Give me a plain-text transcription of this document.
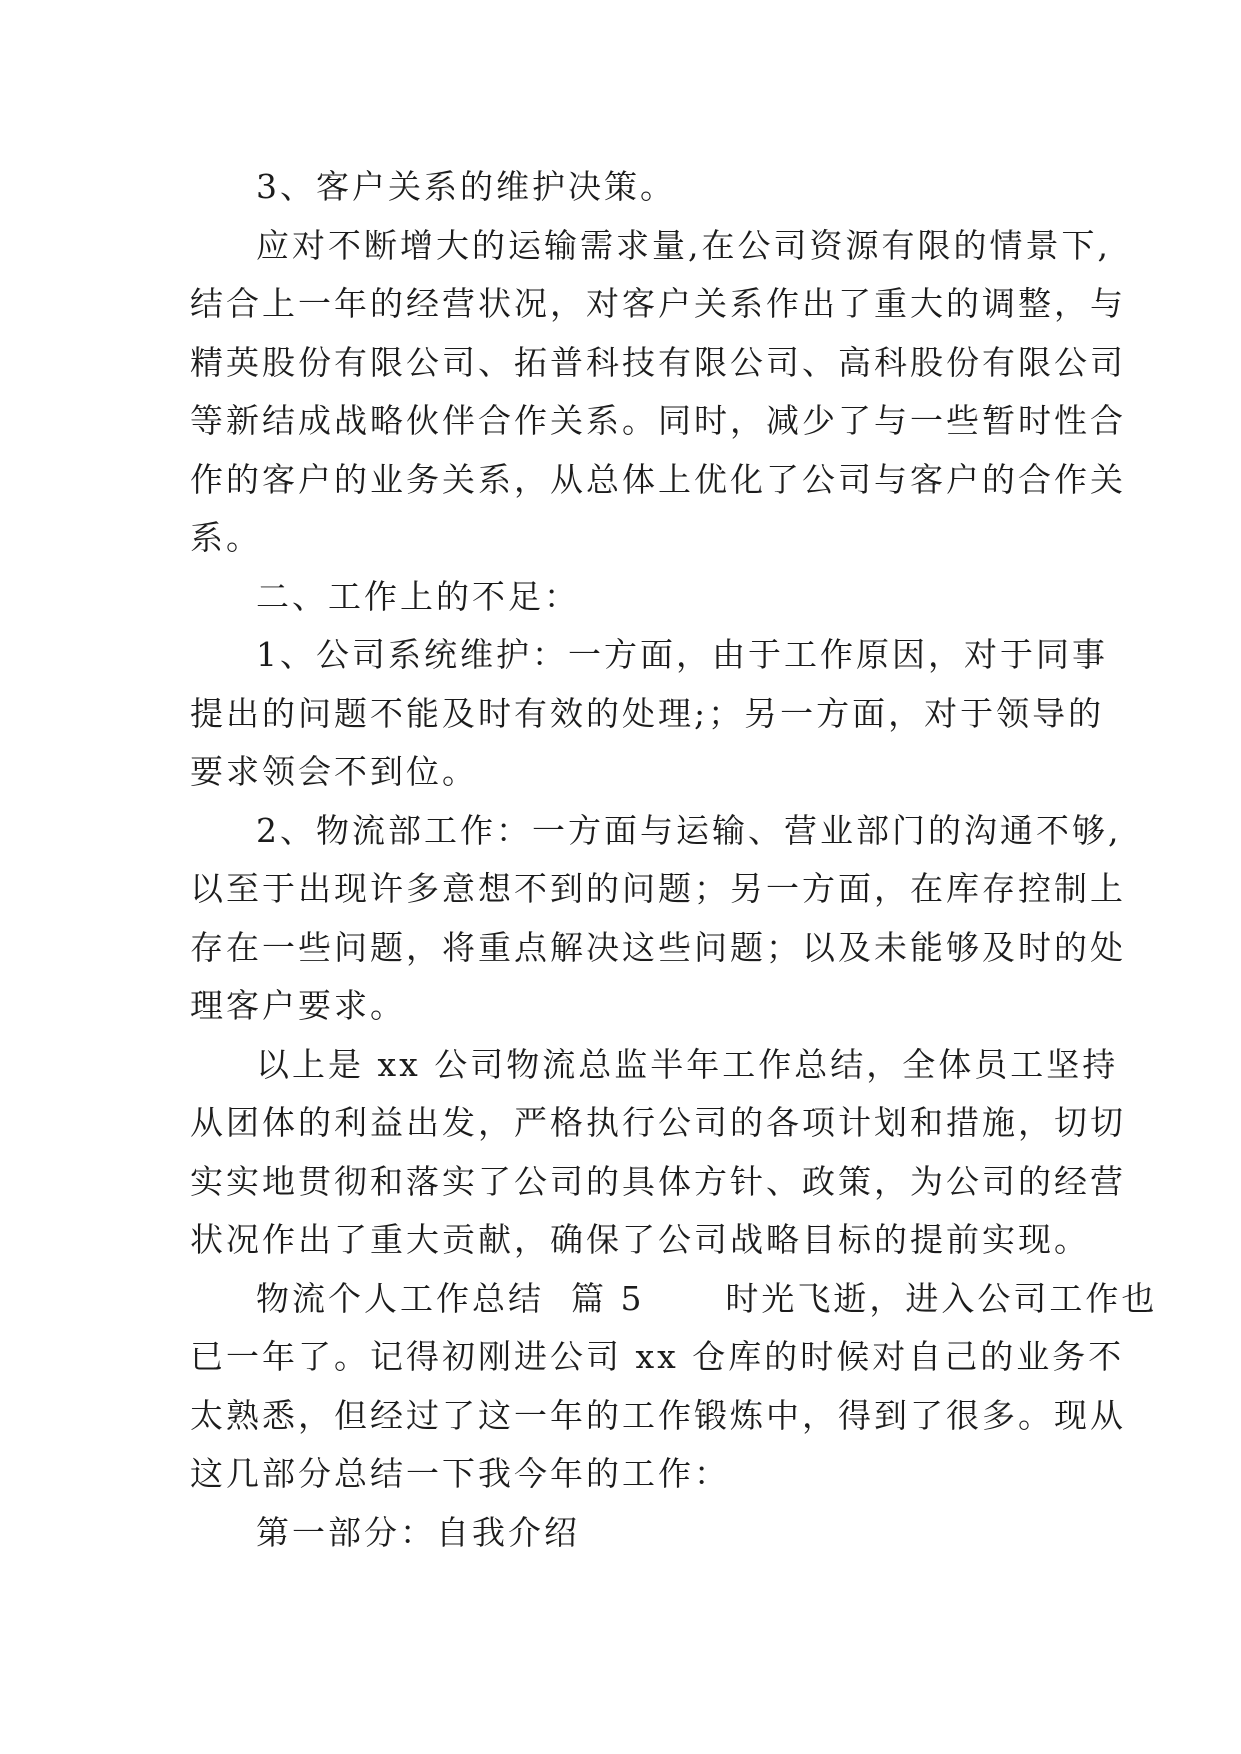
3、客户关系的维护决策。
应对不断增大的运输需求量,在公司资源有限的情景下,
结合上一年的经营状况，对客户关系作出了重大的调整，与
精英股份有限公司、拓普科技有限公司、高科股份有限公司
等新结成战略伙伴合作关系。同时，减少了与一些暂时性合
作的客户的业务关系，从总体上优化了公司与客户的合作关
系。
二、工作上的不足：
1、公司系统维护：一方面，由于工作原因，对于同事
提出的问题不能及时有效的处理;；另一方面，对于领导的
要求领会不到位。
2、物流部工作：一方面与运输、营业部门的沟通不够,
以至于出现许多意想不到的问题；另一方面，在库存控制上
存在一些问题，将重点解决这些问题；以及未能够及时的处
理客户要求。
以上是 xx 公司物流总监半年工作总结，全体员工坚持
从团体的利益出发，严格执行公司的各项计划和措施，切切
实实地贯彻和落实了公司的具体方针、政策，为公司的经营
状况作出了重大贡献，确保了公司战略目标的提前实现。
物流个人工作总结  篇 5      时光飞逝，进入公司工作也
已一年了。记得初刚进公司 xx 仓库的时候对自己的业务不
太熟悉，但经过了这一年的工作锻炼中，得到了很多。现从
这几部分总结一下我今年的工作：
第一部分：自我介绍
